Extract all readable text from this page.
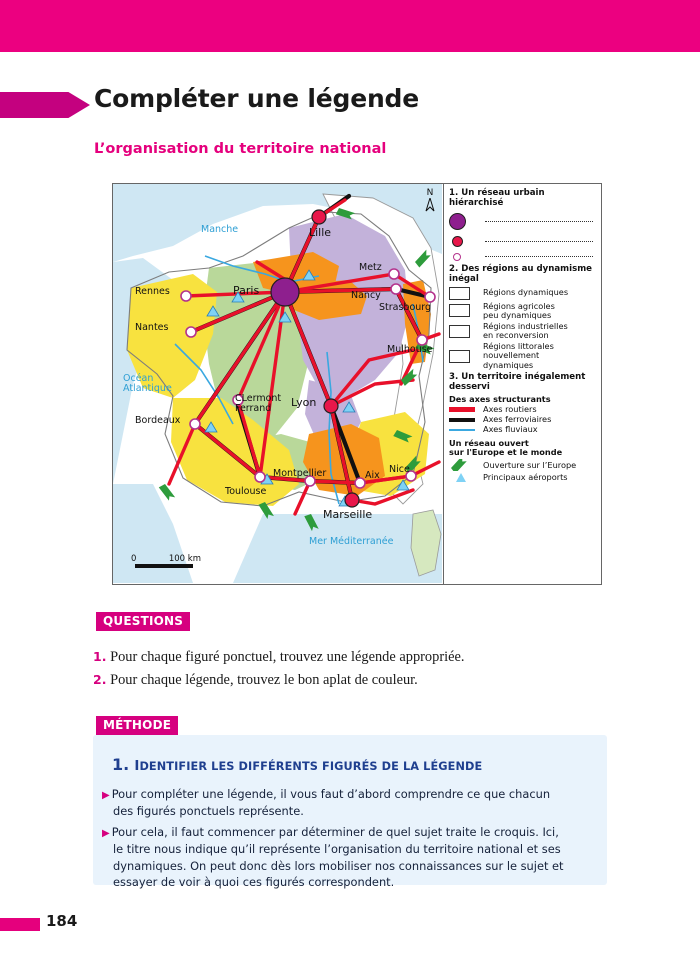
Compléter une légende
L’organisation du territoire national
Manche
Océan
Atlantique
Mer Méditerranée
Paris
Lille
Lyon
Marseille
Rennes
Nantes
Metz
Nancy
Strasbourg
Mulhouse
Bordeaux
Toulouse
Montpellier	Aix
Nice
CLermont
Ferrand
N
0	100 km
1. Un réseau urbain hiérarchisé
2. Des régions au dynamisme inégal
Régions dynamiques
Régions agricoles
peu dynamiques
Régions industrielles
en reconversion
Régions littorales
nouvellement
dynamiques
3. Un territoire inégalement desservi
Des axes structurants
Axes routiers
Axes ferroviaires
Axes fluviaux
Un réseau ouvert
sur l'Europe et le monde
Ouverture sur l’Europe
Principaux aéroports
QUESTIONS
1. Pour chaque figuré ponctuel, trouvez une légende appropriée.
2. Pour chaque légende, trouvez le bon aplat de couleur.
MÉTHODE
1. IDENTIFIER LES DIFFÉRENTS FIGURÉS DE LA LÉGENDE
▶ Pour compléter une légende, il vous faut d’abord comprendre ce que chacun
des figurés ponctuels représente.
▶ Pour cela, il faut commencer par déterminer de quel sujet traite le croquis. Ici,
le titre nous indique qu’il représente l’organisation du territoire national et ses
dynamiques. On peut donc dès lors mobiliser nos connaissances sur le sujet et
essayer de voir à quoi ces figurés correspondent.
184
